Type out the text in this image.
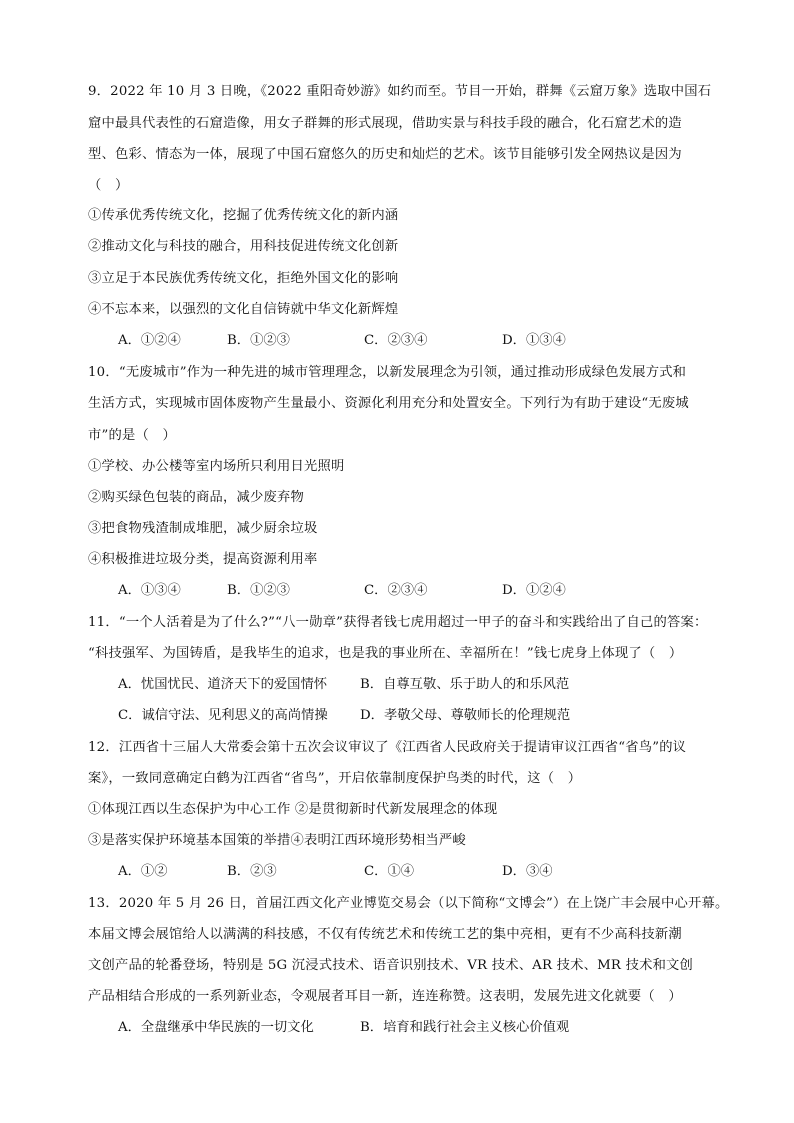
9．2022 年 10 月 3 日晚，《2022 重阳奇妙游》如约而至。节目一开始，群舞《云窟万象》选取中国石
窟中最具代表性的石窟造像，用女子群舞的形式展现，借助实景与科技手段的融合，化石窟艺术的造
型、色彩、情态为一体，展现了中国石窟悠久的历史和灿烂的艺术。该节目能够引发全网热议是因为
（　）
①传承优秀传统文化，挖掘了优秀传统文化的新内涵
②推动文化与科技的融合，用科技促进传统文化创新
③立足于本民族优秀传统文化，拒绝外国文化的影响
④不忘本来，以强烈的文化自信铸就中华文化新辉煌
A．①②④	B．①②③	C．②③④	D．①③④
10．“无废城市”作为一种先进的城市管理理念，以新发展理念为引领，通过推动形成绿色发展方式和
生活方式，实现城市固体废物产生量最小、资源化利用充分和处置安全。下列行为有助于建设“无废城
市”的是（　）
①学校、办公楼等室内场所只利用日光照明
②购买绿色包装的商品，减少废弃物
③把食物残渣制成堆肥，减少厨余垃圾
④积极推进垃圾分类，提高资源利用率
A．①③④	B．①②③	C．②③④	D．①②④
11．“一个人活着是为了什么?”“八一勋章”获得者钱七虎用超过一甲子的奋斗和实践给出了自己的答案：
“科技强军、为国铸盾，是我毕生的追求，也是我的事业所在、幸福所在！”钱七虎身上体现了（　）
A．忧国忧民、道济天下的爱国情怀 B．自尊互敬、乐于助人的和乐风范
C．诚信守法、见利思义的高尚情操 D．孝敬父母、尊敬师长的伦理规范
12．江西省十三届人大常委会第十五次会议审议了《江西省人民政府关于提请审议江西省“省鸟”的议
案》，一致同意确定白鹤为江西省“省鸟”，开启依靠制度保护鸟类的时代，这（　）
①体现江西以生态保护为中心工作 ②是贯彻新时代新发展理念的体现
③是落实保护环境基本国策的举措④表明江西环境形势相当严峻
A．①②	B．②③	C．①④	D．③④
13．2020 年 5 月 26 日，首届江西文化产业博览交易会（以下简称“文博会”）在上饶广丰会展中心开幕。
本届文博会展馆给人以满满的科技感，不仅有传统艺术和传统工艺的集中亮相，更有不少高科技新潮
文创产品的轮番登场，特别是 5G 沉浸式技术、语音识别技术、VR 技术、AR 技术、MR 技术和文创
产品相结合形成的一系列新业态，令观展者耳目一新，连连称赞。这表明，发展先进文化就要（　）
A．全盘继承中华民族的一切文化	B．培育和践行社会主义核心价值观
